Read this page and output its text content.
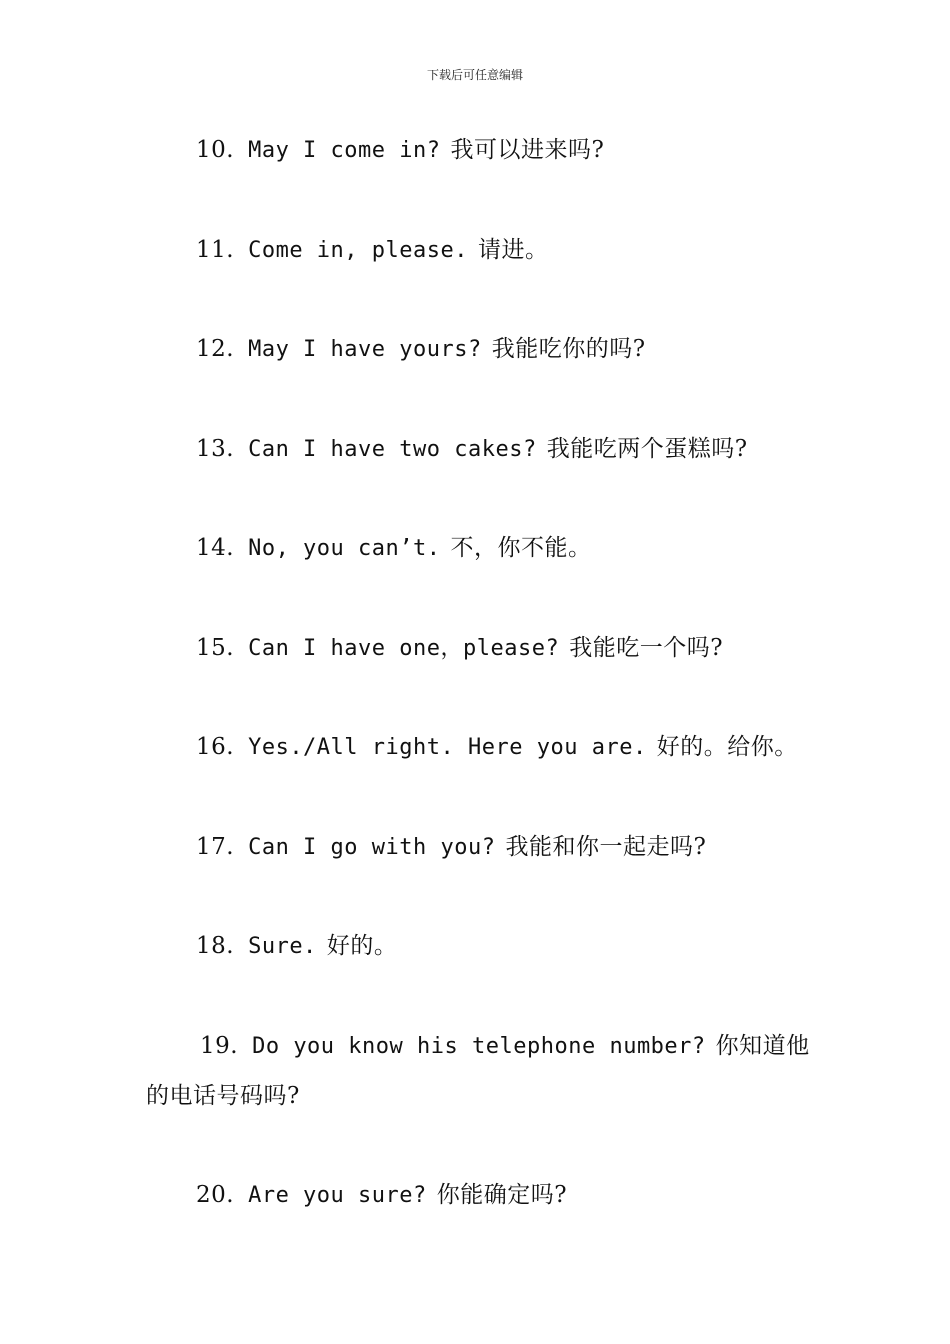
下载后可任意编辑
10. May I come in? 我可以进来吗?
11. Come in, please. 请进。
12. May I have yours? 我能吃你的吗?
13. Can I have two cakes? 我能吃两个蛋糕吗?
14. No, you can’t. 不，你不能。
15. Can I have one，please? 我能吃一个吗?
16. Yes./All right. Here you are. 好的。给你。
17. Can I go with you? 我能和你一起走吗?
18. Sure. 好的。
19. Do you know his telephone number? 你知道他
的电话号码吗?
20. Are you sure? 你能确定吗?
